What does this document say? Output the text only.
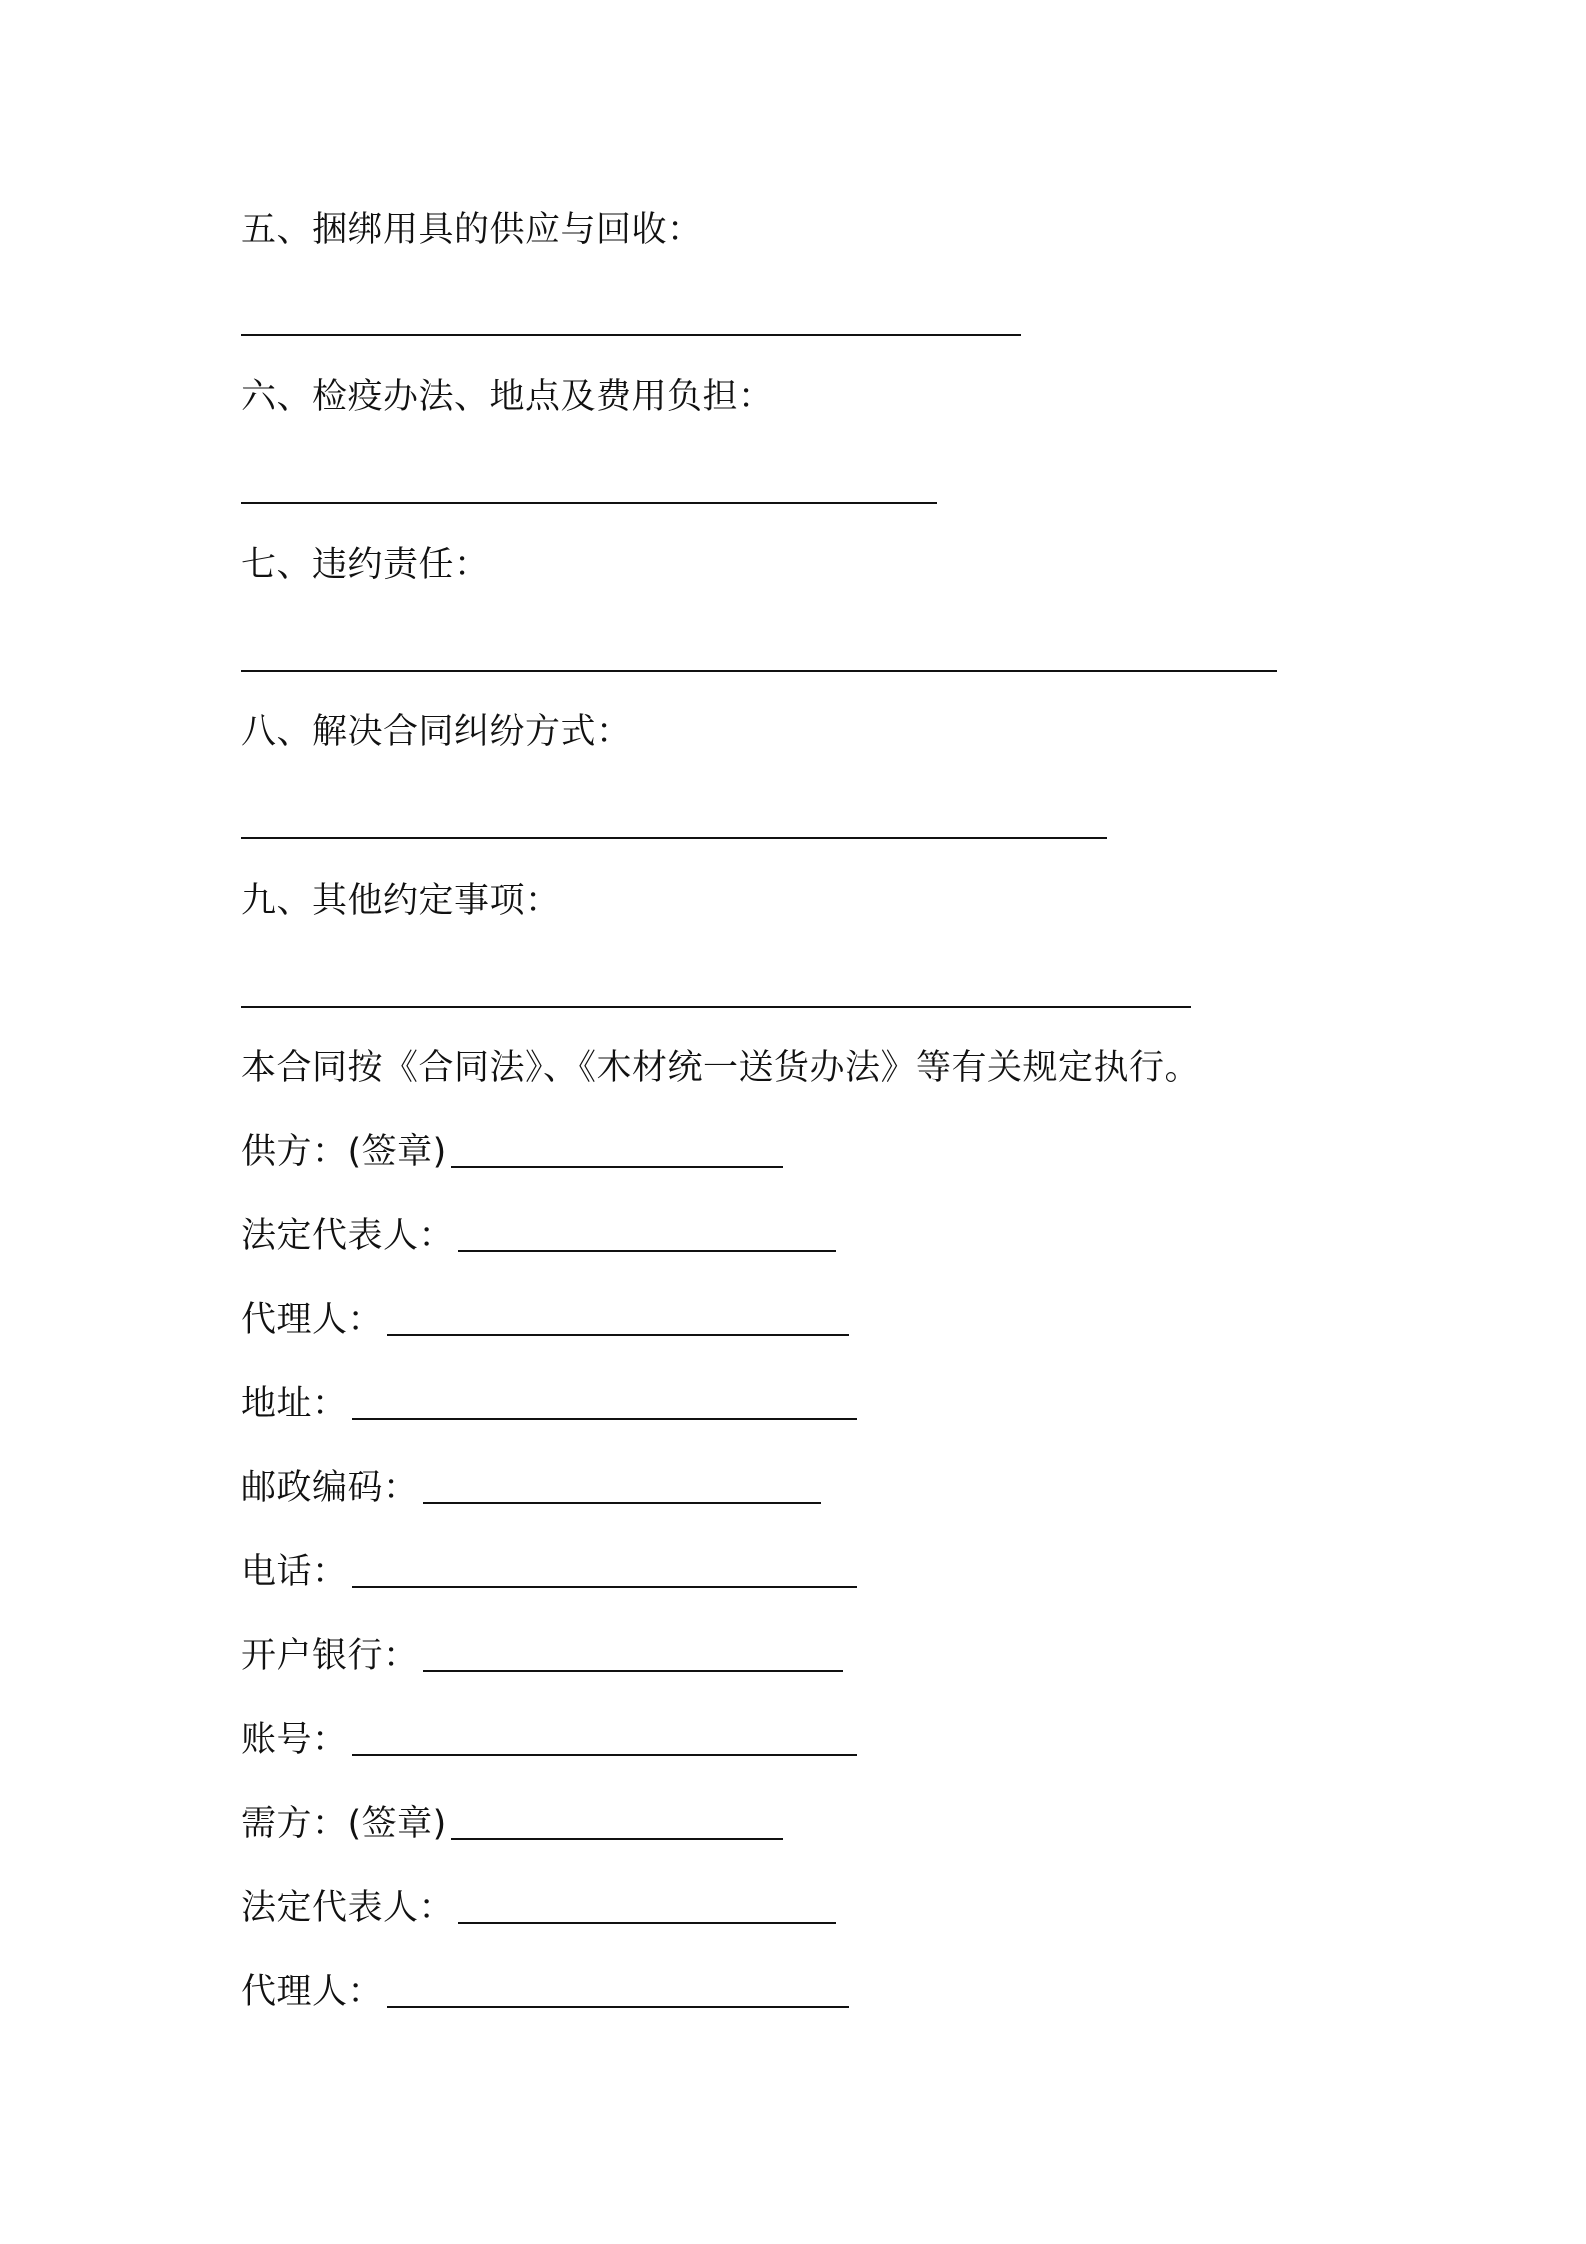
五、捆绑用具的供应与回收：
六、检疫办法、地点及费用负担：
七、违约责任：
八、解决合同纠纷方式：
九、其他约定事项：
本合同按《合同法》、《木材统一送货办法》等有关规定执行。
供方：(签章)
法定代表人：
代理人：
地址：
邮政编码：
电话：
开户银行：
账号：
需方：(签章)
法定代表人：
代理人：
